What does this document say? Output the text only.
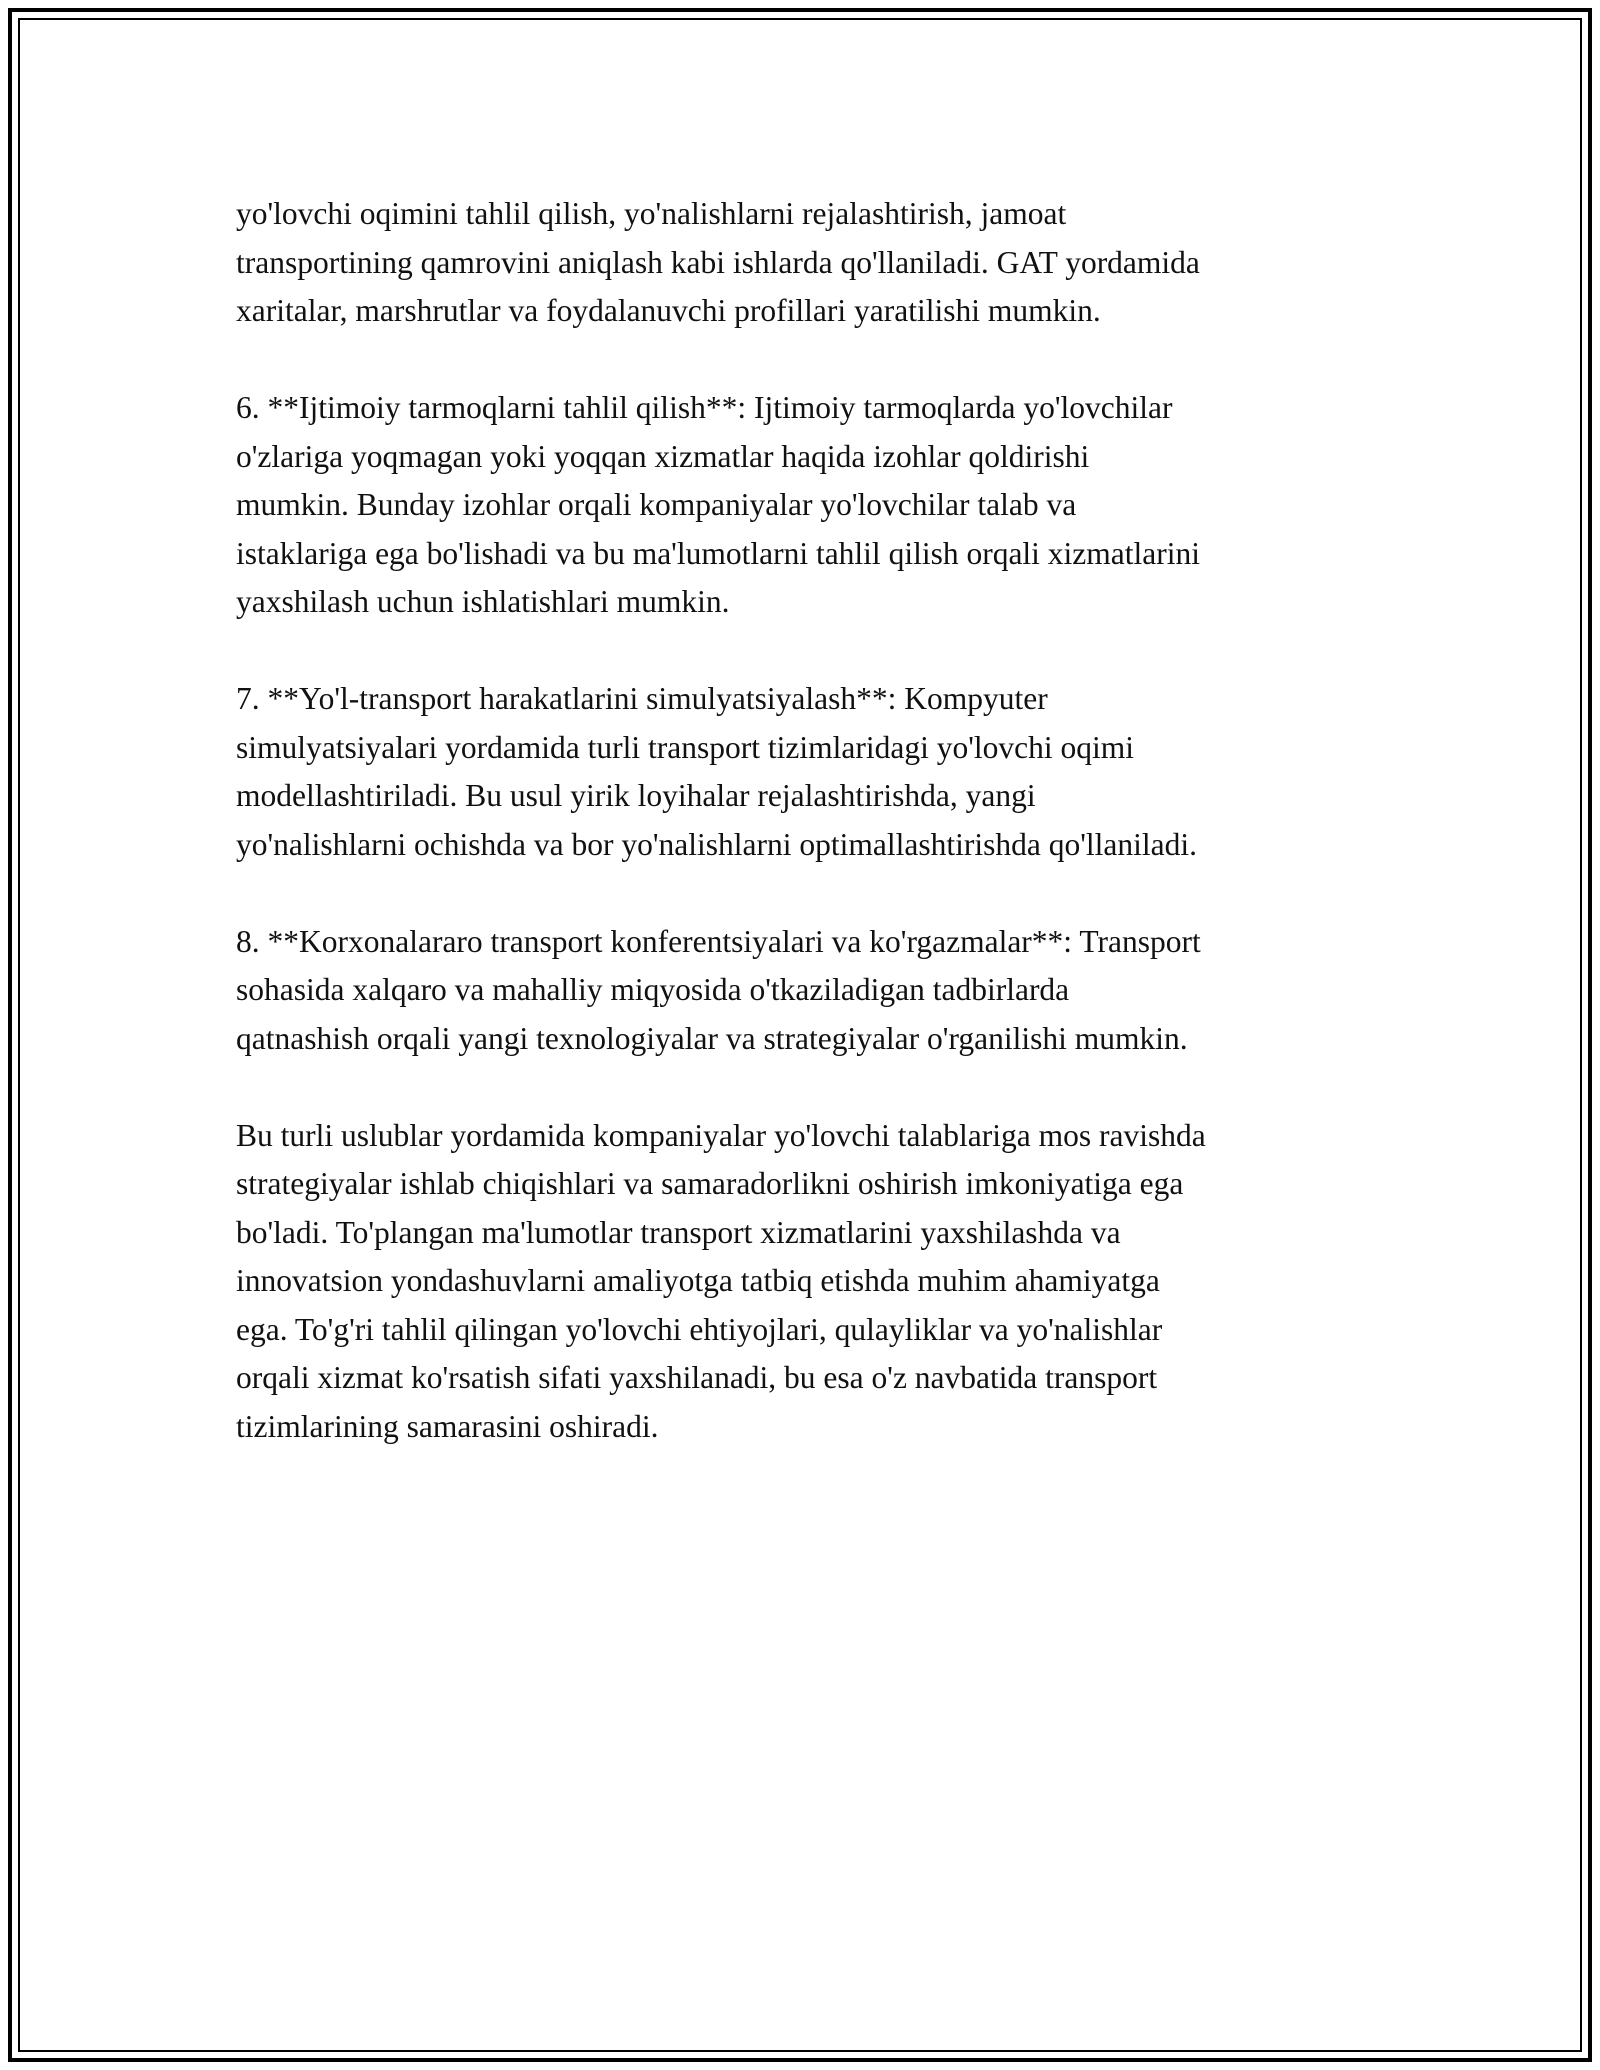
yo'lovchi oqimini tahlil qilish, yo'nalishlarni rejalashtirish, jamoat
transportining qamrovini aniqlash kabi ishlarda qo'llaniladi. GAT yordamida
xaritalar, marshrutlar va foydalanuvchi profillari yaratilishi mumkin.

6. **Ijtimoiy tarmoqlarni tahlil qilish**: Ijtimoiy tarmoqlarda yo'lovchilar
o'zlariga yoqmagan yoki yoqqan xizmatlar haqida izohlar qoldirishi
mumkin. Bunday izohlar orqali kompaniyalar yo'lovchilar talab va
istaklariga ega bo'lishadi va bu ma'lumotlarni tahlil qilish orqali xizmatlarini
yaxshilash uchun ishlatishlari mumkin.

7. **Yo'l-transport harakatlarini simulyatsiyalash**: Kompyuter
simulyatsiyalari yordamida turli transport tizimlaridagi yo'lovchi oqimi
modellashtiriladi. Bu usul yirik loyihalar rejalashtirishda, yangi
yo'nalishlarni ochishda va bor yo'nalishlarni optimallashtirishda qo'llaniladi.

8. **Korxonalararo transport konferentsiyalari va ko'rgazmalar**: Transport
sohasida xalqaro va mahalliy miqyosida o'tkaziladigan tadbirlarda
qatnashish orqali yangi texnologiyalar va strategiyalar o'rganilishi mumkin.

Bu turli uslublar yordamida kompaniyalar yo'lovchi talablariga mos ravishda
strategiyalar ishlab chiqishlari va samaradorlikni oshirish imkoniyatiga ega
bo'ladi. To'plangan ma'lumotlar transport xizmatlarini yaxshilashda va
innovatsion yondashuvlarni amaliyotga tatbiq etishda muhim ahamiyatga
ega. To'g'ri tahlil qilingan yo'lovchi ehtiyojlari, qulayliklar va yo'nalishlar
orqali xizmat ko'rsatish sifati yaxshilanadi, bu esa o'z navbatida transport
tizimlarining samarasini oshiradi.
